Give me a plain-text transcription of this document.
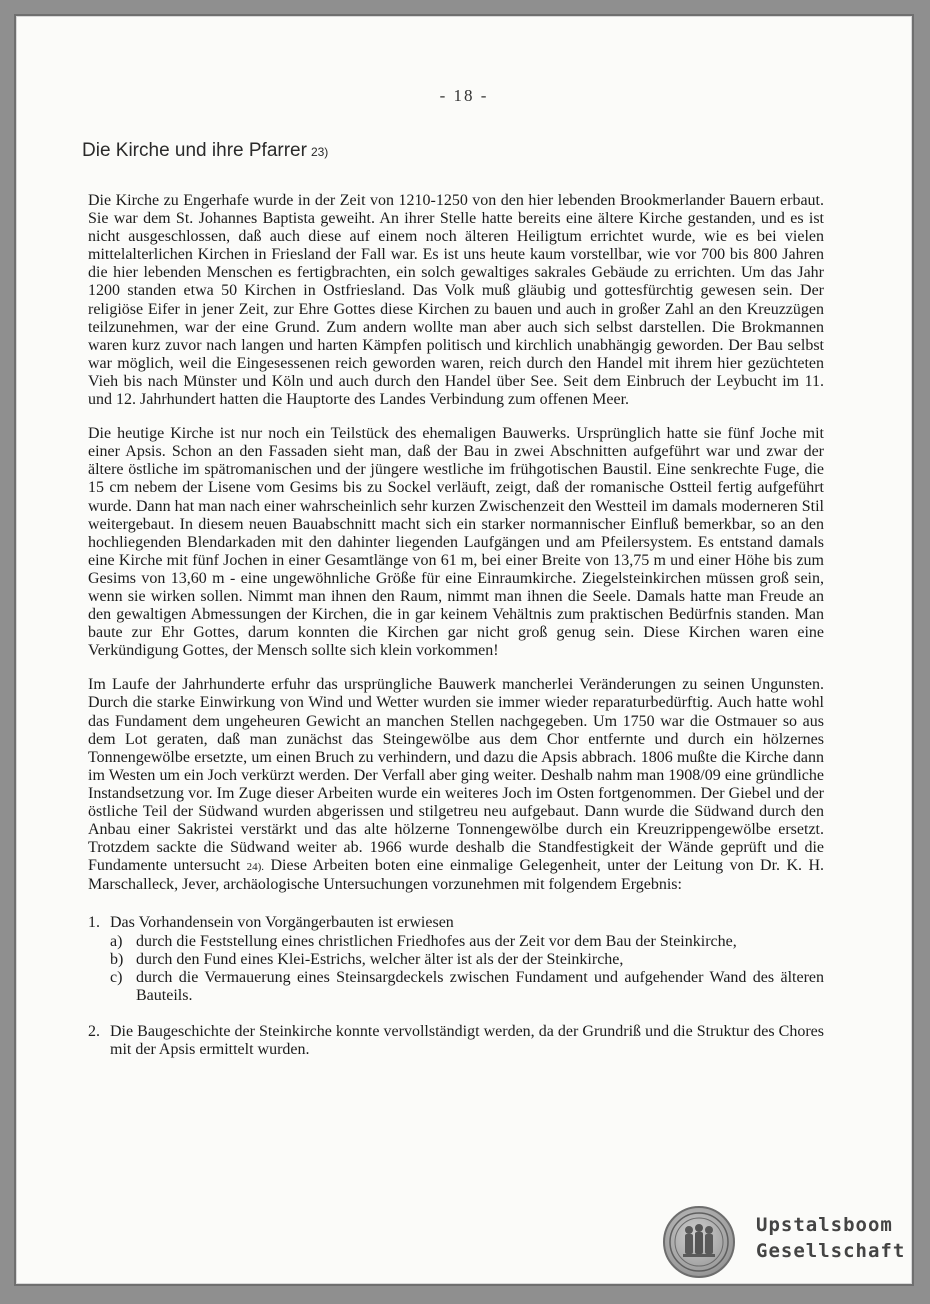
- 18 -
Die Kirche und ihre Pfarrer 23)

Die Kirche zu Engerhafe wurde in der Zeit von 1210-1250 von den hier lebenden Brookmerlander Bauern erbaut. Sie war dem St. Johannes Baptista geweiht. An ihrer Stelle hatte bereits eine ältere Kirche gestanden, und es ist nicht ausgeschlossen, daß auch diese auf einem noch älteren Heiligtum errichtet wurde, wie es bei vielen mittelalterlichen Kirchen in Friesland der Fall war. Es ist uns heute kaum vorstellbar, wie vor 700 bis 800 Jahren die hier lebenden Menschen es fertigbrachten, ein solch gewaltiges sakrales Gebäude zu errichten. Um das Jahr 1200 standen etwa 50 Kirchen in Ostfriesland. Das Volk muß gläubig und gottesfürchtig gewesen sein. Der religiöse Eifer in jener Zeit, zur Ehre Gottes diese Kirchen zu bauen und auch in großer Zahl an den Kreuzzügen teilzunehmen, war der eine Grund. Zum andern wollte man aber auch sich selbst darstellen. Die Brokmannen waren kurz zuvor nach langen und harten Kämpfen politisch und kirchlich unabhängig geworden. Der Bau selbst war möglich, weil die Eingesessenen reich geworden waren, reich durch den Handel mit ihrem hier gezüchteten Vieh bis nach Münster und Köln und auch durch den Handel über See. Seit dem Einbruch der Leybucht im 11. und 12. Jahrhundert hatten die Hauptorte des Landes Verbindung zum offenen Meer.

Die heutige Kirche ist nur noch ein Teilstück des ehemaligen Bauwerks. Ursprünglich hatte sie fünf Joche mit einer Apsis. Schon an den Fassaden sieht man, daß der Bau in zwei Abschnitten aufgeführt war und zwar der ältere östliche im spätromanischen und der jüngere westliche im frühgotischen Baustil. Eine senkrechte Fuge, die 15 cm nebem der Lisene vom Gesims bis zu Sockel verläuft, zeigt, daß der romanische Ostteil fertig aufgeführt wurde. Dann hat man nach einer wahrscheinlich sehr kurzen Zwischenzeit den Westteil im damals moderneren Stil weitergebaut. In diesem neuen Bauabschnitt macht sich ein starker normannischer Einfluß bemerkbar, so an den hochliegenden Blendarkaden mit den dahinter liegenden Laufgängen und am Pfeilersystem. Es entstand damals eine Kirche mit fünf Jochen in einer Gesamtlänge von 61 m, bei einer Breite von 13,75 m und einer Höhe bis zum Gesims von 13,60 m - eine ungewöhnliche Größe für eine Einraumkirche. Ziegelsteinkirchen müssen groß sein, wenn sie wirken sollen. Nimmt man ihnen den Raum, nimmt man ihnen die Seele. Damals hatte man Freude an den gewaltigen Abmessungen der Kirchen, die in gar keinem Vehältnis zum praktischen Bedürfnis standen. Man baute zur Ehr Gottes, darum konnten die Kirchen gar nicht groß genug sein. Diese Kirchen waren eine Verkündigung Gottes, der Mensch sollte sich klein vorkommen!

Im Laufe der Jahrhunderte erfuhr das ursprüngliche Bauwerk mancherlei Veränderungen zu seinen Ungunsten. Durch die starke Einwirkung von Wind und Wetter wurden sie immer wieder reparaturbedürftig. Auch hatte wohl das Fundament dem ungeheuren Gewicht an manchen Stellen nachgegeben. Um 1750 war die Ostmauer so aus dem Lot geraten, daß man zunächst das Steingewölbe aus dem Chor entfernte und durch ein hölzernes Tonnengewölbe ersetzte, um einen Bruch zu verhindern, und dazu die Apsis abbrach. 1806 mußte die Kirche dann im Westen um ein Joch verkürzt werden. Der Verfall aber ging weiter. Deshalb nahm man 1908/09 eine gründliche Instandsetzung vor. Im Zuge dieser Arbeiten wurde ein weiteres Joch im Osten fortgenommen. Der Giebel und der östliche Teil der Südwand wurden abgerissen und stilgetreu neu aufgebaut. Dann wurde die Südwand durch den Anbau einer Sakristei verstärkt und das alte hölzerne Tonnengewölbe durch ein Kreuzrippengewölbe ersetzt. Trotzdem sackte die Südwand weiter ab. 1966 wurde deshalb die Standfestigkeit der Wände geprüft und die Fundamente untersucht 24). Diese Arbeiten boten eine einmalige Gelegenheit, unter der Leitung von Dr. K. H. Marschalleck, Jever, archäologische Untersuchungen vorzunehmen mit folgendem Ergebnis:

1. Das Vorhandensein von Vorgängerbauten ist erwiesen
a) durch die Feststellung eines christlichen Friedhofes aus der Zeit vor dem Bau der Steinkirche,
b) durch den Fund eines Klei-Estrichs, welcher älter ist als der der Steinkirche,
c) durch die Vermauerung eines Steinsargdeckels zwischen Fundament und aufgehender Wand des älteren Bauteils.
2. Die Baugeschichte der Steinkirche konnte vervollständigt werden, da der Grundriß und die Struktur des Chores mit der Apsis ermittelt wurden.
Upstalsboom
Gesellschaft
